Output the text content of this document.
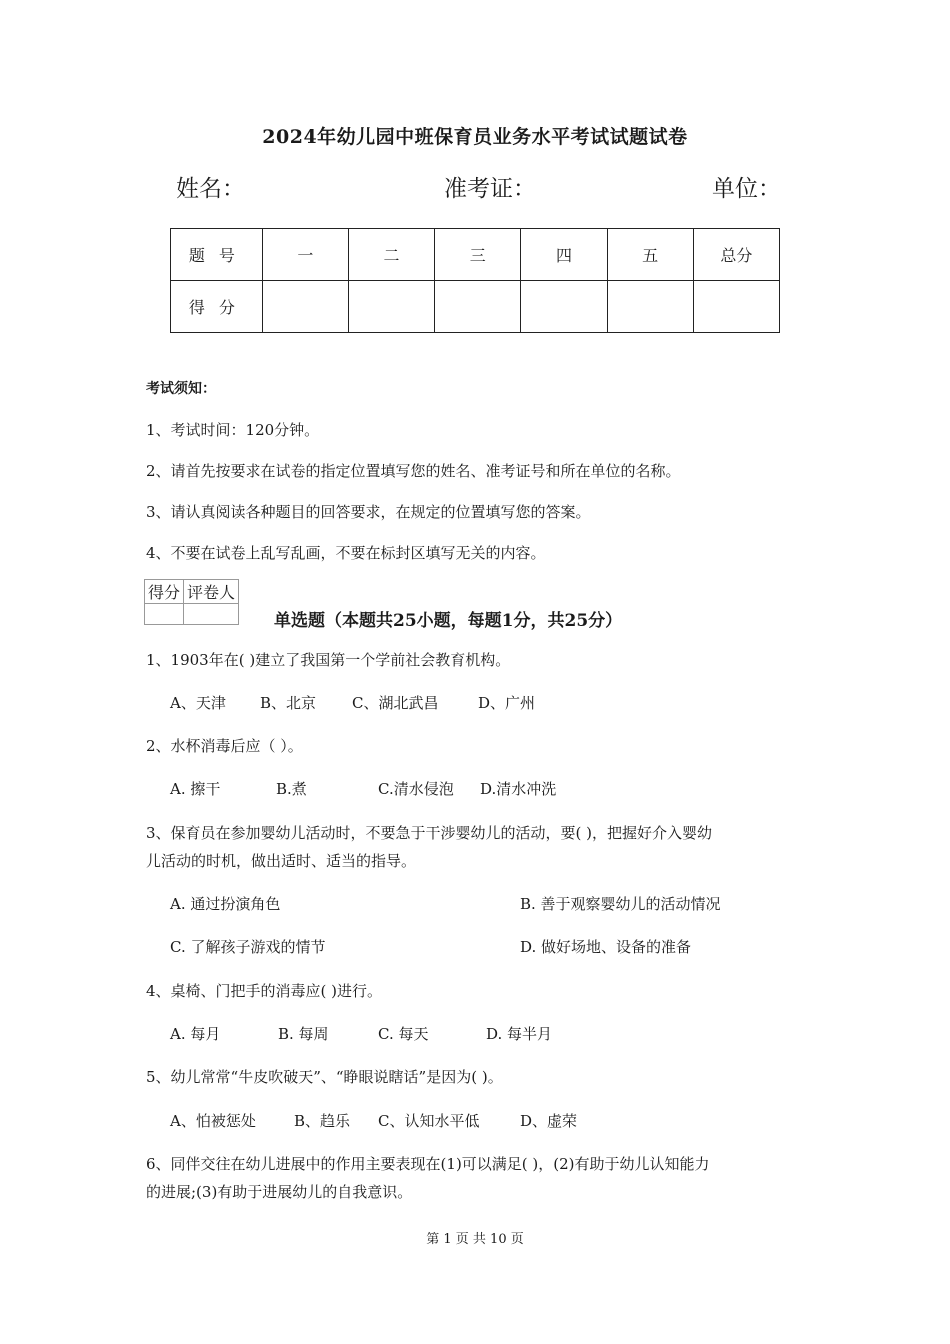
2024年幼儿园中班保育员业务水平考试试题试卷
姓名：	准考证：	单位：
题号	一	二	三	四	五	总分
得分						
考试须知：
1、考试时间：120分钟。
2、请首先按要求在试卷的指定位置填写您的姓名、准考证号和所在单位的名称。
3、请认真阅读各种题目的回答要求，在规定的位置填写您的答案。
4、不要在试卷上乱写乱画，不要在标封区填写无关的内容。
得分	评卷人

单选题（本题共25小题，每题1分，共25分）
1、1903年在( )建立了我国第一个学前社会教育机构。
A、天津 B、北京 C、湖北武昌	D、广州
2、水杯消毒后应（ ）。
A. 擦干	B.煮	C.清水侵泡 D.清水冲洗
3、保育员在参加婴幼儿活动时，不要急于干涉婴幼儿的活动，要( )，把握好介入婴幼
儿活动的时机，做出适时、适当的指导。
A. 通过扮演角色	B. 善于观察婴幼儿的活动情况
C. 了解孩子游戏的情节	D. 做好场地、设备的准备
4、桌椅、门把手的消毒应( )进行。
A. 每月	B. 每周	C. 每天	D. 每半月
5、幼儿常常“牛皮吹破天”、“睁眼说瞎话”是因为( )。
A、怕被惩处	B、趋乐 C、认知水平低	D、虚荣
6、同伴交往在幼儿进展中的作用主要表现在(1)可以满足( )，(2)有助于幼儿认知能力
的进展;(3)有助于进展幼儿的自我意识。
第 1 页 共 10 页
